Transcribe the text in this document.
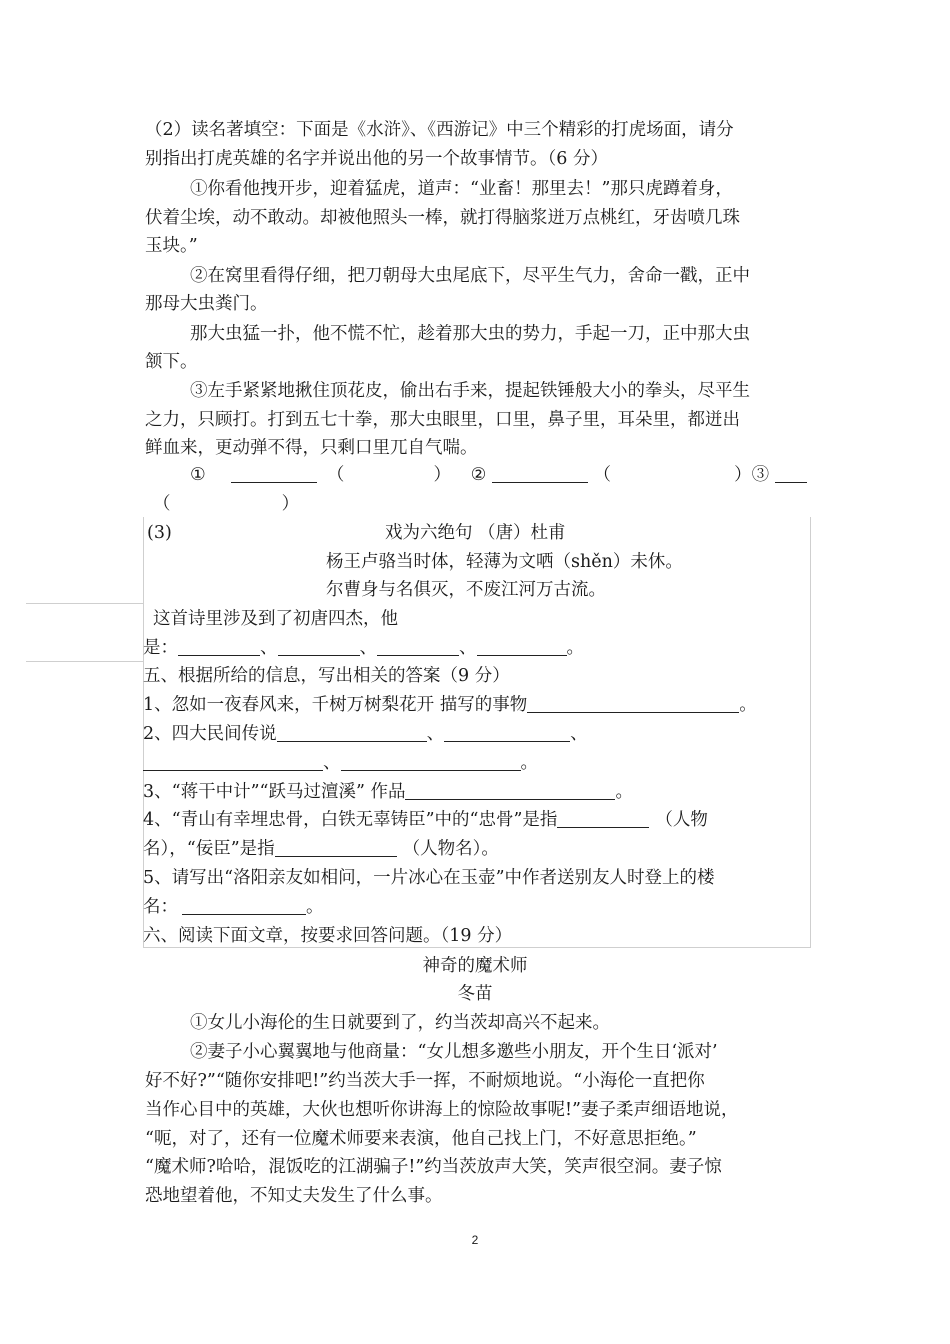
（2）读名著填空：下面是《水浒》、《西游记》中三个精彩的打虎场面，请分
别指出打虎英雄的名字并说出他的另一个故事情节。（6 分）
①你看他拽开步，迎着猛虎，道声：“业畜！那里去！”那只虎蹲着身，
伏着尘埃，动不敢动。却被他照头一棒，就打得脑浆迸万点桃红，牙齿喷几珠
玉块。”
②在窝里看得仔细，把刀朝母大虫尾底下，尽平生气力，舍命一戳，正中
那母大虫粪门。
那大虫猛一扑，他不慌不忙，趁着那大虫的势力，手起一刀，正中那大虫
颔下。
③左手紧紧地揪住顶花皮，偷出右手来，提起铁锤般大小的拳头，尽平生
之力，只顾打。打到五七十拳，那大虫眼里，口里，鼻子里，耳朵里，都迸出
鲜血来，更动弹不得，只剩口里兀自气喘。
①	（	） ②	（	）③
（	）
(3)	戏为六绝句 （唐）杜甫
杨王卢骆当时体，轻薄为文哂（shěn）未休。
尔曹身与名俱灭，不废江河万古流。
这首诗里涉及到了初唐四杰，他
是：	、	、	、	。
五、根据所给的信息，写出相关的答案（9 分）
1、忽如一夜春风来，千树万树梨花开 描写的事物	。
2、四大民间传说	、	、
、	。
3、“蒋干中计”“跃马过澶溪” 作品	。
4、“青山有幸埋忠骨，白铁无辜铸臣”中的“忠骨”是指	（人物
名），“佞臣”是指	（人物名）。
5、请写出“洛阳亲友如相问，一片冰心在玉壶”中作者送别友人时登上的楼
名：	。
六、阅读下面文章，按要求回答问题。（19 分）
神奇的魔术师
冬苗
①女儿小海伦的生日就要到了，约当茨却高兴不起来。
②妻子小心翼翼地与他商量：“女儿想多邀些小朋友，开个生日‘派对’
好不好?”“随你安排吧!”约当茨大手一挥，不耐烦地说。“小海伦一直把你
当作心目中的英雄，大伙也想听你讲海上的惊险故事呢!”妻子柔声细语地说，
“呃，对了，还有一位魔术师要来表演，他自己找上门，不好意思拒绝。”
“魔术师?哈哈，混饭吃的江湖骗子!”约当茨放声大笑，笑声很空洞。妻子惊
恐地望着他，不知丈夫发生了什么事。
2
